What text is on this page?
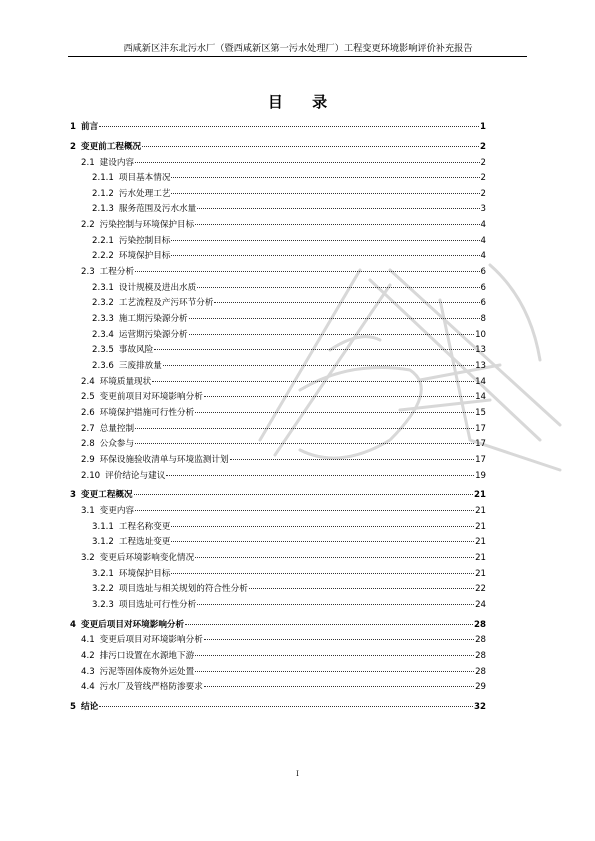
西咸新区沣东北污水厂（暨西咸新区第一污水处理厂）工程变更环境影响评价补充报告
目 录
1 前言	1
2 变更前工程概况	2
2.1 建设内容	2
2.1.1 项目基本情况	2
2.1.2 污水处理工艺	2
2.1.3 服务范围及污水水量	3
2.2 污染控制与环境保护目标	4
2.2.1 污染控制目标	4
2.2.2 环境保护目标	4
2.3 工程分析	6
2.3.1 设计规模及进出水质	6
2.3.2 工艺流程及产污环节分析	6
2.3.3 施工期污染源分析	8
2.3.4 运营期污染源分析	10
2.3.5 事故风险	13
2.3.6 三废排放量	13
2.4 环境质量现状	14
2.5 变更前项目对环境影响分析	14
2.6 环境保护措施可行性分析	15
2.7 总量控制	17
2.8 公众参与	17
2.9 环保设施验收清单与环境监测计划	17
2.10 评价结论与建议	19
3 变更工程概况	21
3.1 变更内容	21
3.1.1 工程名称变更	21
3.1.2 工程选址变更	21
3.2 变更后环境影响变化情况	21
3.2.1 环境保护目标	21
3.2.2 项目选址与相关规划的符合性分析	22
3.2.3 项目选址可行性分析	24
4 变更后项目对环境影响分析	28
4.1 变更后项目对环境影响分析	28
4.2 排污口设置在水源地下游	28
4.3 污泥等固体废物外运处置	28
4.4 污水厂及管线严格防渗要求	29
5 结论	32
I
